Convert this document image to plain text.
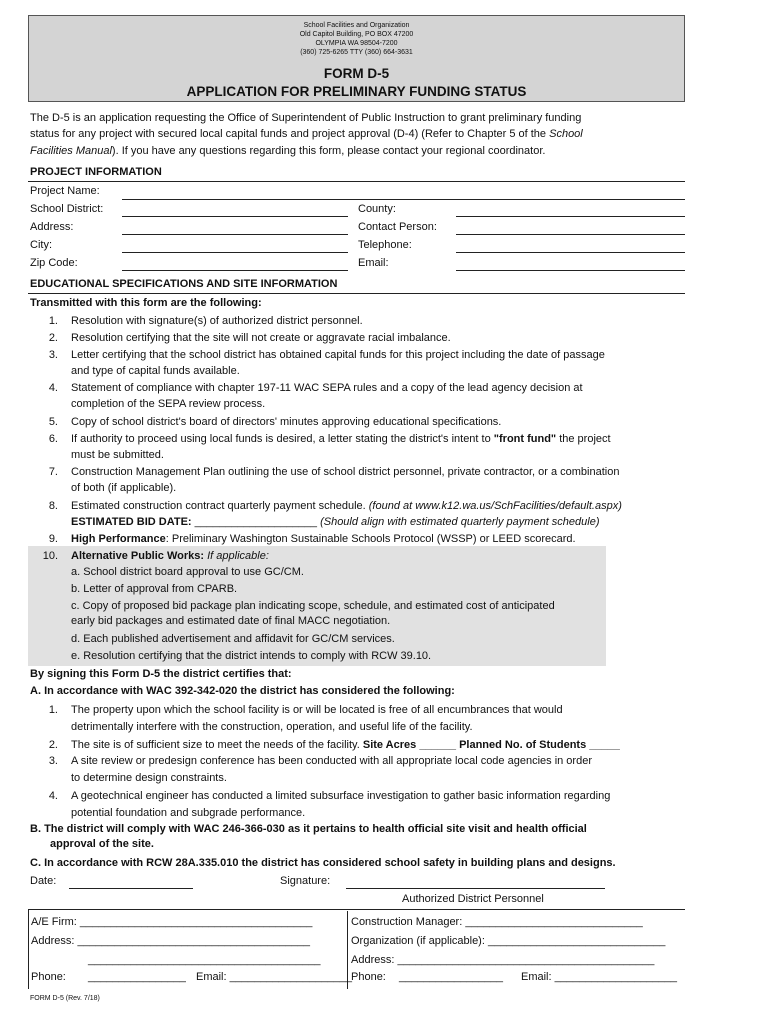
School Facilities and Organization
Old Capitol Building, PO BOX 47200
OLYMPIA WA 98504-7200
(360) 725-6265 TTY (360) 664-3631
FORM D-5
APPLICATION FOR PRELIMINARY FUNDING STATUS
The D-5 is an application requesting the Office of Superintendent of Public Instruction to grant preliminary funding
status for any project with secured local capital funds and project approval (D-4) (Refer to Chapter 5 of the School
Facilities Manual). If you have any questions regarding this form, please contact your regional coordinator.
PROJECT INFORMATION
Project Name:
School District:	County:
Address:	Contact Person:
City:	Telephone:
Zip Code:	Email:
EDUCATIONAL SPECIFICATIONS AND SITE INFORMATION
Transmitted with this form are the following:
1. Resolution with signature(s) of authorized district personnel.
2. Resolution certifying that the site will not create or aggravate racial imbalance.
3. Letter certifying that the school district has obtained capital funds for this project including the date of passage
and type of capital funds available.
4. Statement of compliance with chapter 197-11 WAC SEPA rules and a copy of the lead agency decision at
completion of the SEPA review process.
5. Copy of school district's board of directors' minutes approving educational specifications.
6. If authority to proceed using local funds is desired, a letter stating the district's intent to "front fund" the project
must be submitted.
7. Construction Management Plan outlining the use of school district personnel, private contractor, or a combination
of both (if applicable).
8. Estimated construction contract quarterly payment schedule. (found at www.k12.wa.us/SchFacilities/default.aspx)
ESTIMATED BID DATE: ____________________ (Should align with estimated quarterly payment schedule)
9. High Performance: Preliminary Washington Sustainable Schools Protocol (WSSP) or LEED scorecard.
10. Alternative Public Works: If applicable:
a. School district board approval to use GC/CM.
b. Letter of approval from CPARB.
c. Copy of proposed bid package plan indicating scope, schedule, and estimated cost of anticipated
early bid packages and estimated date of final MACC negotiation.
d. Each published advertisement and affidavit for GC/CM services.
e. Resolution certifying that the district intends to comply with RCW 39.10.
By signing this Form D-5 the district certifies that:
A. In accordance with WAC 392-342-020 the district has considered the following:
1. The property upon which the school facility is or will be located is free of all encumbrances that would
detrimentally interfere with the construction, operation, and useful life of the facility.
2. The site is of sufficient size to meet the needs of the facility. Site Acres ______ Planned No. of Students _____
3. A site review or predesign conference has been conducted with all appropriate local code agencies in order
to determine design constraints.
4. A geotechnical engineer has conducted a limited subsurface investigation to gather basic information regarding
potential foundation and subgrade performance.
B. The district will comply with WAC 246-366-030 as it pertains to health official site visit and health official
approval of the site.
C. In accordance with RCW 28A.335.010 the district has considered school safety in building plans and designs.
Date:	Signature:
Authorized District Personnel
A/E Firm: ______________________________________
Address: ______________________________________
______________________________________
Phone: ________________ Email: ____________________
Construction Manager: _____________________________
Organization (if applicable): _____________________________
Address: __________________________________________
Phone: _________________ Email: ____________________
FORM D-5 (Rev. 7/18)
